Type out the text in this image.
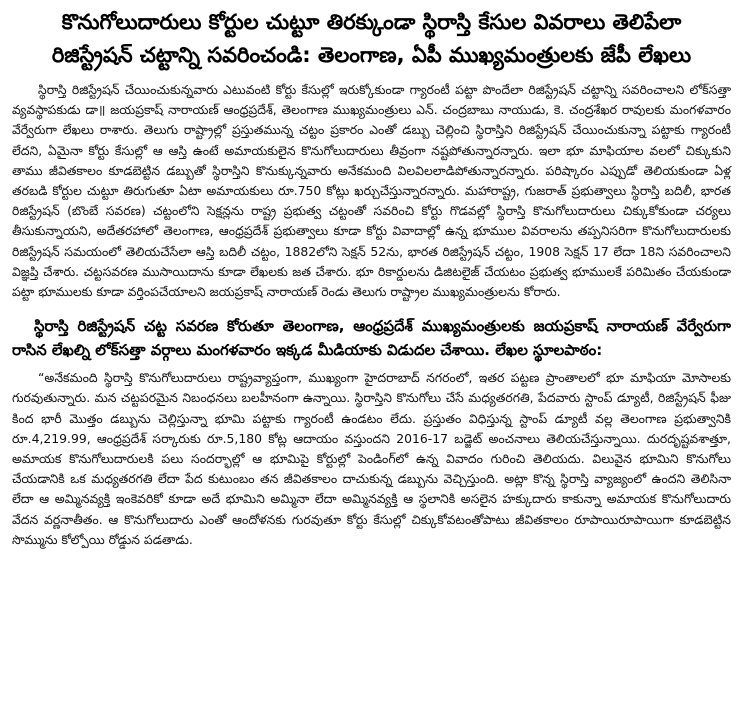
కొనుగోలుదారులు కోర్టుల చుట్టూ తిరక్కుండా స్థిరాస్తి కేసుల వివరాలు తెలిపేలా
రిజిస్ట్రేషన్ చట్టాన్ని సవరించండి: తెలంగాణ, ఏపీ ముఖ్యమంత్రులకు జేపీ లేఖలు

స్థిరాస్తి రిజిస్ట్రేషన్ చేయించుకున్నవారు ఎటువంటి కోర్టు కేసుల్లో ఇరుక్కోకుండా గ్యారంటీ పట్టా పొందేలా రిజిస్ట్రేషన్ చట్టాన్ని సవరించాలని లోక్‌సత్తా వ్యవస్థాపకుడు డా॥ జయప్రకాష్ నారాయణ్ ఆంధ్రప్రదేశ్, తెలంగాణ ముఖ్యమంత్రులు ఎన్. చంద్రబాబు నాయుడు, కె. చంద్రశేఖర రావులకు మంగళవారం వేర్వేరుగా లేఖలు రాశారు. తెలుగు రాష్ట్రాల్లో ప్రస్తుతమున్న చట్టం ప్రకారం ఎంతో డబ్బు చెల్లించి స్థిరాస్తిని రిజిస్ట్రేషన్ చేయించుకున్నా పట్టాకు గ్యారంటీ లేదని, ఏమైనా కోర్టు కేసుల్లో ఆ ఆస్తి ఉంటే అమాయకులైన కొనుగోలుదారులు తీవ్రంగా నష్టపోతున్నారన్నారు. ఇలా భూ మాఫియాల వలలో చిక్కుకుని తాము జీవితకాలం కూడబెట్టిన డబ్బుతో స్థిరాస్తిని కొనుక్కున్నవారు అనేకమంది విలవిలలాడిపోతున్నారన్నారు. పరిష్కారం ఎప్పుడో తెలియకుండా ఏళ్ల తరబడి కోర్టుల చుట్టూ తిరుగుతూ ఏటా అమాయకులు రూ.750 కోట్లు ఖర్చుచేస్తున్నారన్నారు. మహారాష్ట్ర, గుజరాత్ ప్రభుత్వాలు స్థిరాస్తి బదిలీ, భారత రిజిస్ట్రేషన్ (బొంబే సవరణ) చట్టంలోని సెక్షన్లను రాష్ట్ర ప్రభుత్వ చట్టంతో సవరించి కోర్టు గొడవల్లో స్థిరాస్తి కొనుగోలుదారులు చిక్కుకోకుండా చర్యలు తీసుకున్నాయని, అదేతరహాలో తెలంగాణ, ఆంధ్రప్రదేశ్ ప్రభుత్వాలు కూడా కోర్టు వివాదాల్లో ఉన్న భూముల వివరాలను తప్పనిసరిగా కొనుగోలుదారులకు రిజిస్ట్రేషన్ సమయంలో తెలియచేసేలా ఆస్తి బదిలీ చట్టం, 1882లోని సెక్షన్ 52ను, భారత రిజిస్ట్రేషన్ చట్టం, 1908 సెక్షన్ 17 లేదా 18ని సవరించాలని విజ్ఞప్తి చేశారు. చట్టసవరణ ముసాయిదాను కూడా లేఖలకు జత చేశారు. భూ రికార్డులను డిజిటలైజ్ చేయటం ప్రభుత్వ భూములకే పరిమితం చేయకుండా పట్టా భూములకు కూడా వర్తింపచేయాలని జయప్రకాష్ నారాయణ్ రెండు తెలుగు రాష్ట్రాల ముఖ్యమంత్రులను కోరారు.

స్థిరాస్తి రిజిస్ట్రేషన్ చట్ట సవరణ కోరుతూ తెలంగాణ, ఆంధ్రప్రదేశ్ ముఖ్యమంత్రులకు జయప్రకాష్ నారాయణ్ వేర్వేరుగా రాసిన లేఖల్ని లోక్‌సత్తా వర్గాలు మంగళవారం ఇక్కడ మీడియాకు విడుదల చేశాయి. లేఖల స్థూలపాఠం:

“అనేకమంది స్థిరాస్తి కొనుగోలుదారులు రాష్ట్రవ్యాప్తంగా, ముఖ్యంగా హైదరాబాద్ నగరంలో, ఇతర పట్టణ ప్రాంతాలలో భూ మాఫియా మోసాలకు గురవుతున్నారు. మన చట్టపరమైన నిబంధనలు బలహీనంగా ఉన్నాయి. స్థిరాస్తిని కొనుగోలు చేసే మధ్యతరగతి, పేదవారు స్టాంప్ డ్యూటీ, రిజిస్ట్రేషన్ ఫీజు కింద భారీ మొత్తం డబ్బును చెల్లిస్తున్నా భూమి పట్టాకు గ్యారంటీ ఉండటం లేదు. ప్రస్తుతం విధిస్తున్న స్టాంప్ డ్యూటీ వల్ల తెలంగాణ ప్రభుత్వానికి రూ.4,219.99, ఆంధ్రప్రదేశ్ సర్కారుకు రూ.5,180 కోట్ల ఆదాయం వస్తుందని 2016-17 బడ్జెట్ అంచనాలు తెలియచేస్తున్నాయి. దురదృష్టవశాత్తూ, అమాయక కొనుగోలుదారులకి పలు సందర్భాల్లో ఆ భూమిపై కోర్టుల్లో పెండింగ్‌లో ఉన్న వివాదం గురించి తెలియదు. విలువైన భూమిని కొనుగోలు చేయడానికి ఒక మధ్యతరగతి లేదా పేద కుటుంబం తన జీవితకాలం దాచుకున్న డబ్బును వెచ్చిస్తుంది. అట్లా కొన్న స్థిరాస్తి వ్యాజ్యంలో ఉందని తెలిసినా లేదా ఆ అమ్మినవ్యక్తి ఇంకెవరికో కూడా అదే భూమిని అమ్మినా లేదా అమ్మినవ్యక్తి ఆ స్థలానికి అసలైన హక్కుదారు కాకున్నా అమాయక కొనుగోలుదారు వేదన వర్ణనాతీతం. ఆ కొనుగోలుదారు ఎంతో ఆందోళనకు గురవుతూ కోర్టు కేసుల్లో చిక్కుకోవటంతోపాటు జీవితకాలం రూపాయిరూపాయిగా కూడబెట్టిన సొమ్మును కోల్పోయి రోడ్డున పడతాడు.
